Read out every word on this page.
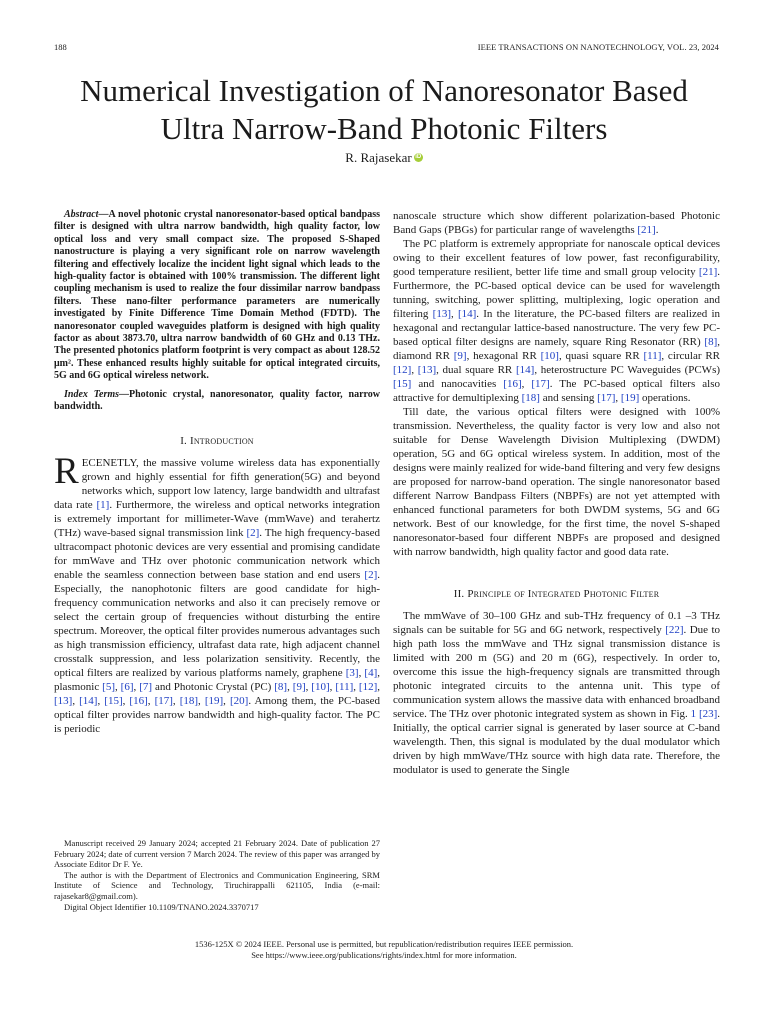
188	IEEE TRANSACTIONS ON NANOTECHNOLOGY, VOL. 23, 2024
Numerical Investigation of Nanoresonator Based
Ultra Narrow-Band Photonic Filters
R. Rajasekar iD

Abstract—A novel photonic crystal nanoresonator-based optical bandpass filter is designed with ultra narrow bandwidth, high quality factor, low optical loss and very small compact size. The proposed S-Shaped nanostructure is playing a very significant role on narrow wavelength filtering and effectively localize the incident light signal which leads to the high-quality factor is obtained with 100% transmission. The different light coupling mechanism is used to realize the four dissimilar narrow bandpass filters. These nano-filter performance parameters are numerically investigated by Finite Difference Time Domain Method (FDTD). The nanoresonator coupled waveguides platform is designed with high quality factor as about 3873.70, ultra narrow bandwidth of 60 GHz and 0.13 THz. The presented photonics platform footprint is very compact as about 128.52 μm². These enhanced results highly suitable for optical integrated circuits, 5G and 6G optical wireless network.

Index Terms—Photonic crystal, nanoresonator, quality factor, narrow bandwidth.

I. Introduction

RECENETLY, the massive volume wireless data has exponentially grown and highly essential for fifth generation(5G) and beyond networks which, support low latency, large bandwidth and ultrafast data rate [1]. Furthermore, the wireless and optical networks integration is extremely important for millimeter-Wave (mmWave) and terahertz (THz) wave-based signal transmission link [2]. The high frequency-based ultracompact photonic devices are very essential and promising candidate for mmWave and THz over photonic communication network which enable the seamless connection between base station and end users [2]. Especially, the nanophotonic filters are good candidate for high-frequency communication networks and also it can precisely remove or select the certain group of frequencies without disturbing the entire spectrum. Moreover, the optical filter provides numerous advantages such as high transmission efficiency, ultrafast data rate, high adjacent channel crosstalk suppression, and less polarization sensitivity. Recently, the optical filters are realized by various platforms namely, graphene [3], [4], plasmonic [5], [6], [7] and Photonic Crystal (PC) [8], [9], [10], [11], [12], [13], [14], [15], [16], [17], [18], [19], [20]. Among them, the PC-based optical filter provides narrow bandwidth and high-quality factor. The PC is periodic

nanoscale structure which show different polarization-based Photonic Band Gaps (PBGs) for particular range of wavelengths [21].

The PC platform is extremely appropriate for nanoscale optical devices owing to their excellent features of low power, fast reconfigurability, good temperature resilient, better life time and small group velocity [21]. Furthermore, the PC-based optical device can be used for wavelength tunning, switching, power splitting, multiplexing, logic operation and filtering [13], [14]. In the literature, the PC-based filters are realized in hexagonal and rectangular lattice-based nanostructure. The very few PC-based optical filter designs are namely, square Ring Resonator (RR) [8], diamond RR [9], hexagonal RR [10], quasi square RR [11], circular RR [12], [13], dual square RR [14], heterostructure PC Waveguides (PCWs) [15] and nanocavities [16], [17]. The PC-based optical filters also attractive for demultiplexing [18] and sensing [17], [19] operations.

Till date, the various optical filters were designed with 100% transmission. Nevertheless, the quality factor is very low and also not suitable for Dense Wavelength Division Multiplexing (DWDM) operation, 5G and 6G optical wireless system. In addition, most of the designs were mainly realized for wide-band filtering and very few designs are proposed for narrow-band operation. The single nanoresonator based different Narrow Bandpass Filters (NBPFs) are not yet attempted with enhanced functional parameters for both DWDM systems, 5G and 6G network. Best of our knowledge, for the first time, the novel S-shaped nanoresonator-based four different NBPFs are proposed and designed with narrow bandwidth, high quality factor and good data rate.

II. Principle of Integrated Photonic Filter

The mmWave of 30–100 GHz and sub-THz frequency of 0.1 –3 THz signals can be suitable for 5G and 6G network, respectively [22]. Due to high path loss the mmWave and THz signal transmission distance is limited with 200 m (5G) and 20 m (6G), respectively. In order to, overcome this issue the high-frequency signals are transmitted through photonic integrated circuits to the antenna unit. This type of communication system allows the massive data with enhanced broadband service. The THz over photonic integrated system as shown in Fig. 1 [23]. Initially, the optical carrier signal is generated by laser source at C-band wavelength. Then, this signal is modulated by the dual modulator which driven by high mmWave/THz source with high data rate. Therefore, the modulator is used to generate the Single

Manuscript received 29 January 2024; accepted 21 February 2024. Date of publication 27 February 2024; date of current version 7 March 2024. The review of this paper was arranged by Associate Editor Dr F. Ye.

The author is with the Department of Electronics and Communication Engineering, SRM Institute of Science and Technology, Tiruchirappalli 621105, India (e-mail: rajasekar8@gmail.com).

Digital Object Identifier 10.1109/TNANO.2024.3370717

1536-125X © 2024 IEEE. Personal use is permitted, but republication/redistribution requires IEEE permission.
See https://www.ieee.org/publications/rights/index.html for more information.
